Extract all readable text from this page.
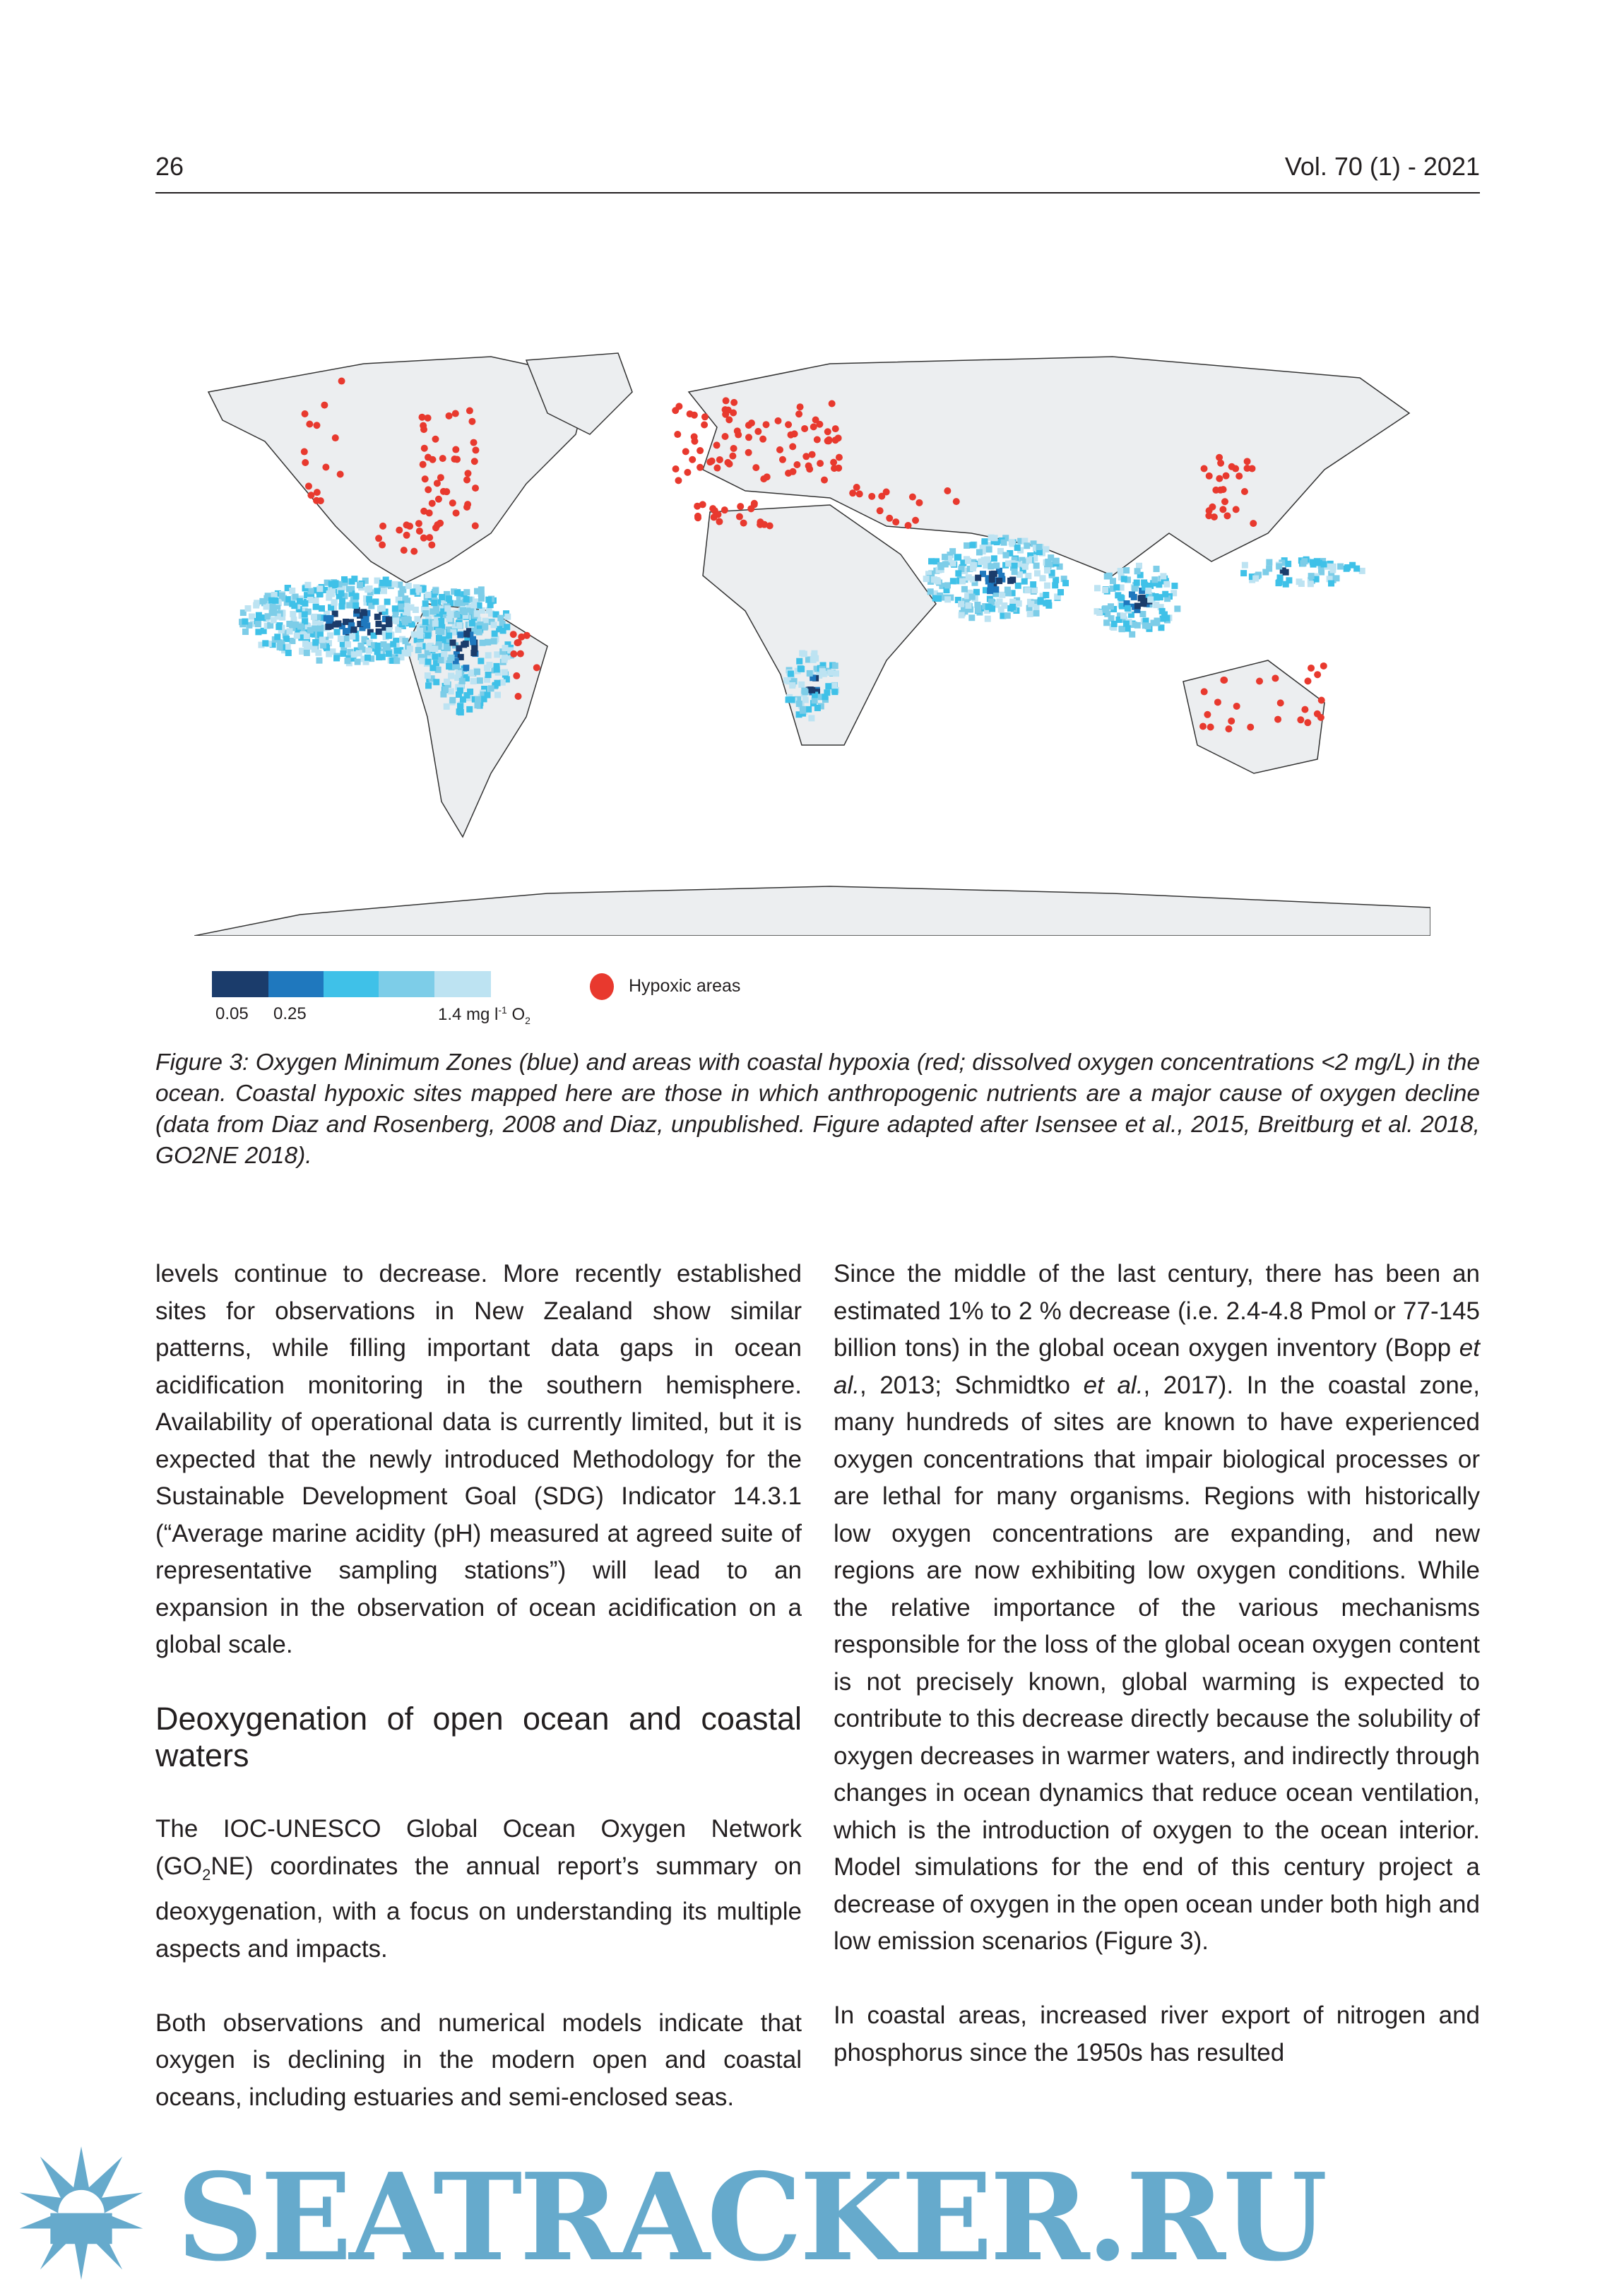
26	Vol. 70 (1) - 2021
0.05 0.25	1.4 mg $l^{-1}$ $O_2$
Hypoxic areas
Figure 3: Oxygen Minimum Zones (blue) and areas with coastal hypoxia (red; dissolved oxygen concentrations <2 mg/L) in the ocean. Coastal hypoxic sites mapped here are those in which anthropogenic nutrients are a major cause of oxygen decline (data from Diaz and Rosenberg, 2008 and Diaz, unpublished. Figure adapted after Isensee et al., 2015, Breitburg et al. 2018, GO2NE 2018).

levels continue to decrease. More recently established sites for observations in New Zealand show similar patterns, while filling important data gaps in ocean acidification monitoring in the southern hemisphere. Availability of operational data is currently limited, but it is expected that the newly introduced Methodology for the Sustainable Development Goal (SDG) Indicator 14.3.1 (“Average marine acidity (pH) measured at agreed suite of representative sampling stations”) will lead to an expansion in the observation of ocean acidification on a global scale.

Deoxygenation of open ocean and coastal waters

The IOC-UNESCO Global Ocean Oxygen Network $(GO_2NE)$ coordinates the annual report’s summary on deoxygenation, with a focus on understanding its multiple aspects and impacts.

Both observations and numerical models indicate that oxygen is declining in the modern open and coastal oceans, including estuaries and semi-enclosed seas.

Since the middle of the last century, there has been an estimated 1% to 2 % decrease (i.e. 2.4-4.8 Pmol or 77-145 billion tons) in the global ocean oxygen inventory (Bopp et al., 2013; Schmidtko et al., 2017). In the coastal zone, many hundreds of sites are known to have experienced oxygen concentrations that impair biological processes or are lethal for many organisms. Regions with historically low oxygen concentrations are expanding, and new regions are now exhibiting low oxygen conditions. While the relative importance of the various mechanisms responsible for the loss of the global ocean oxygen content is not precisely known, global warming is expected to contribute to this decrease directly because the solubility of oxygen decreases in warmer waters, and indirectly through changes in ocean dynamics that reduce ocean ventilation, which is the introduction of oxygen to the ocean interior. Model simulations for the end of this century project a decrease of oxygen in the open ocean under both high and low emission scenarios (Figure 3).

In coastal areas, increased river export of nitrogen and phosphorus since the 1950s has resulted

SEATRACKER.RU
